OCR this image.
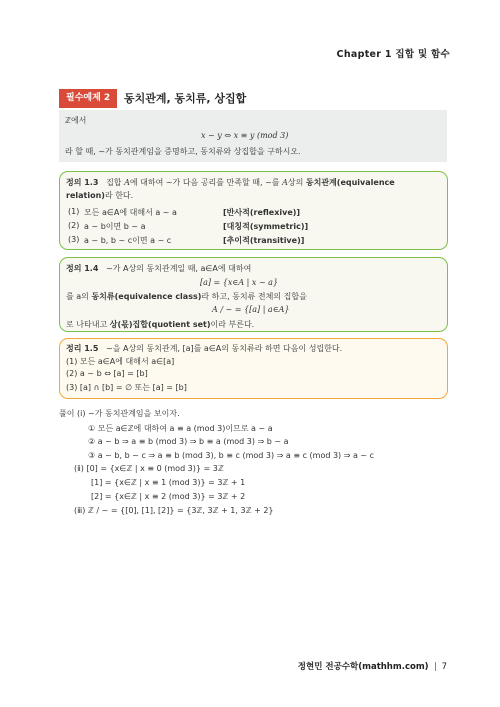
Chapter 1 집합 및 함수
필수예제 2	동치관계, 동치류, 상집합
ℤ에서
x ~ y ⇔ x ≡ y (mod 3)
라 할 때, ~가 동치관계임을 증명하고, 동치류와 상집합을 구하시오.
정의 1.3 집합 A에 대하여 ~가 다음 공리를 만족할 때, ~를 A상의 동치관계(equivalence
relation)라 한다.
(1) 모든 a∈A에 대해서 a ~ a	[반사적(reflexive)]
(2) a ~ b이면 b ~ a	[대칭적(symmetric)]
(3) a ~ b, b ~ c이면 a ~ c	[추이적(transitive)]
정의 1.4 ~가 A상의 동치관계일 때, a∈A에 대하여
[a] = {x∈A | x ~ a}
를 a의 동치류(equivalence class)라 하고, 동치류 전체의 집합을
A / ~ = {[a] | a∈A}
로 나타내고 상(몫)집합(quotient set)이라 부른다.
정리 1.5 ~을 A상의 동치관계, [a]를 a∈A의 동치류라 하면 다음이 성립한다.
(1) 모든 a∈A에 대해서 a∈[a]
(2) a ~ b ⇔ [a] = [b]
(3) [a] ∩ [b] = ∅ 또는 [a] = [b]
풀이 (ⅰ) ~가 동치관계임을 보이자.
① 모든 a∈ℤ에 대하여 a ≡ a (mod 3)이므로 a ~ a
② a ~ b ⇒ a ≡ b (mod 3) ⇒ b ≡ a (mod 3) ⇒ b ~ a
③ a ~ b, b ~ c ⇒ a ≡ b (mod 3), b ≡ c (mod 3) ⇒ a ≡ c (mod 3) ⇒ a ~ c
(ⅱ) [0] = {x∈ℤ | x ≡ 0 (mod 3)} = 3ℤ
[1] = {x∈ℤ | x ≡ 1 (mod 3)} = 3ℤ + 1
[2] = {x∈ℤ | x ≡ 2 (mod 3)} = 3ℤ + 2
(ⅲ) ℤ / ~ = {[0], [1], [2]} = {3ℤ, 3ℤ + 1, 3ℤ + 2}
정현민 전공수학(mathhm.com) 7
